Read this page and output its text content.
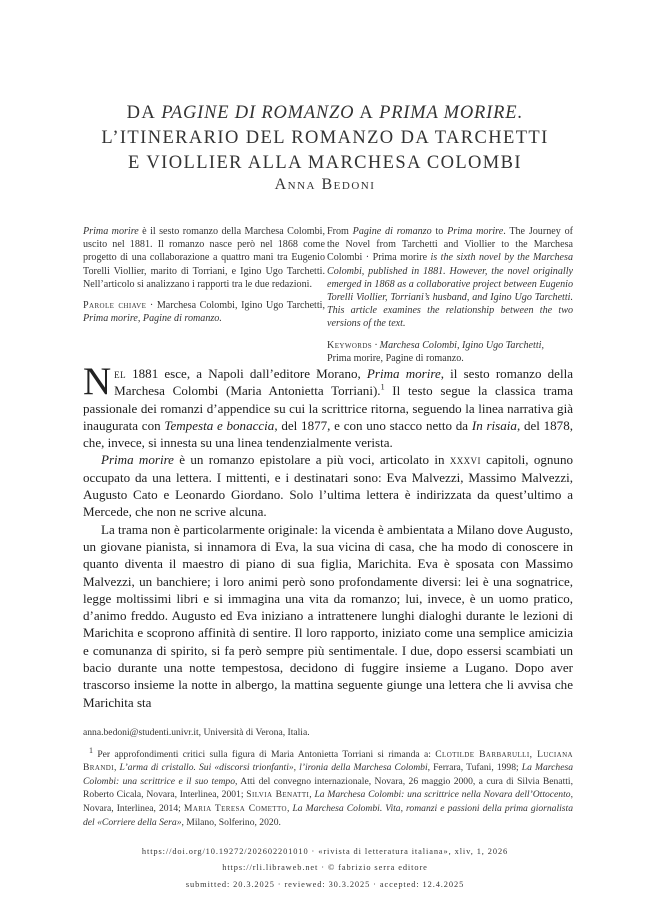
DA PAGINE DI ROMANZO A PRIMA MORIRE.
L’ITINERARIO DEL ROMANZO DA TARCHETTI
E VIOLLIER ALLA MARCHESA COLOMBI
Anna Bedoni

Prima morire è il sesto romanzo della Marchesa Colombi, uscito nel 1881. Il romanzo nasce però nel 1868 come progetto di una collaborazione a quattro mani tra Eugenio Torelli Viollier, marito di Torriani, e Igino Ugo Tarchetti. Nell’articolo si analizzano i rapporti tra le due redazioni.

Parole chiave · Marchesa Colombi, Igino Ugo Tarchetti, Prima morire, Pagine di romanzo.

From Pagine di romanzo to Prima morire. The Journey of the Novel from Tarchetti and Viollier to the Marchesa Colombi · Prima morire is the sixth novel by the Marchesa Colombi, published in 1881. However, the novel originally emerged in 1868 as a collaborative project between Eugenio Torelli Viollier, Torriani’s husband, and Igino Ugo Tarchetti. This article examines the relationship between the two versions of the text.

Keywords · Marchesa Colombi, Igino Ugo Tarchetti,
Prima morire, Pagine di romanzo.

Nel 1881 esce, a Napoli dall’editore Morano, Prima morire, il sesto romanzo della Marchesa Colombi (Maria Antonietta Torriani).$^1$ Il testo segue la classica trama passionale dei romanzi d’appendice su cui la scrittrice ritorna, seguendo la linea narrativa già inaugurata con Tempesta e bonaccia, del 1877, e con uno stacco netto da In risaia, del 1878, che, invece, si innesta su una linea tendenzialmente verista.

Prima morire è un romanzo epistolare a più voci, articolato in xxxvi capitoli, ognuno occupato da una lettera. I mittenti, e i destinatari sono: Eva Malvezzi, Massimo Malvezzi, Augusto Cato e Leonardo Giordano. Solo l’ultima lettera è indirizzata da quest’ultimo a Mercede, che non ne scrive alcuna.

La trama non è particolarmente originale: la vicenda è ambientata a Milano dove Augusto, un giovane pianista, si innamora di Eva, la sua vicina di casa, che ha modo di conoscere in quanto diventa il maestro di piano di sua figlia, Marichita. Eva è sposata con Massimo Malvezzi, un banchiere; i loro animi però sono profondamente diversi: lei è una sognatrice, legge moltissimi libri e si immagina una vita da romanzo; lui, invece, è un uomo pratico, d’animo freddo. Augusto ed Eva iniziano a intrattenere lunghi dialoghi durante le lezioni di Marichita e scoprono affinità di sentire. Il loro rapporto, iniziato come una semplice amicizia e comunanza di spirito, si fa però sempre più sentimentale. I due, dopo essersi scambiati un bacio durante una notte tempestosa, decidono di fuggire insieme a Lugano. Dopo aver trascorso insieme la notte in albergo, la mattina seguente giunge una lettera che li avvisa che Marichita sta

anna.bedoni@studenti.univr.it, Università di Verona, Italia.

$^1$ Per approfondimenti critici sulla figura di Maria Antonietta Torriani si rimanda a: Clotilde Barbarulli, Luciana Brandi, L’arma di cristallo. Sui «discorsi trionfanti», l’ironia della Marchesa Colombi, Ferrara, Tufani, 1998; La Marchesa Colombi: una scrittrice e il suo tempo, Atti del convegno internazionale, Novara, 26 maggio 2000, a cura di Silvia Benatti, Roberto Cicala, Novara, Interlinea, 2001; Silvia Benatti, La Marchesa Colombi: una scrittrice nella Novara dell’Ottocento, Novara, Interlinea, 2014; Maria Teresa Cometto, La Marchesa Colombi. Vita, romanzi e passioni della prima giornalista del «Corriere della Sera», Milano, Solferino, 2020.

https://doi.org/10.19272/202602201010 · «rivista di letteratura italiana», xliv, 1, 2026
https://rli.libraweb.net · © fabrizio serra editore
submitted: 20.3.2025 · reviewed: 30.3.2025 · accepted: 12.4.2025
